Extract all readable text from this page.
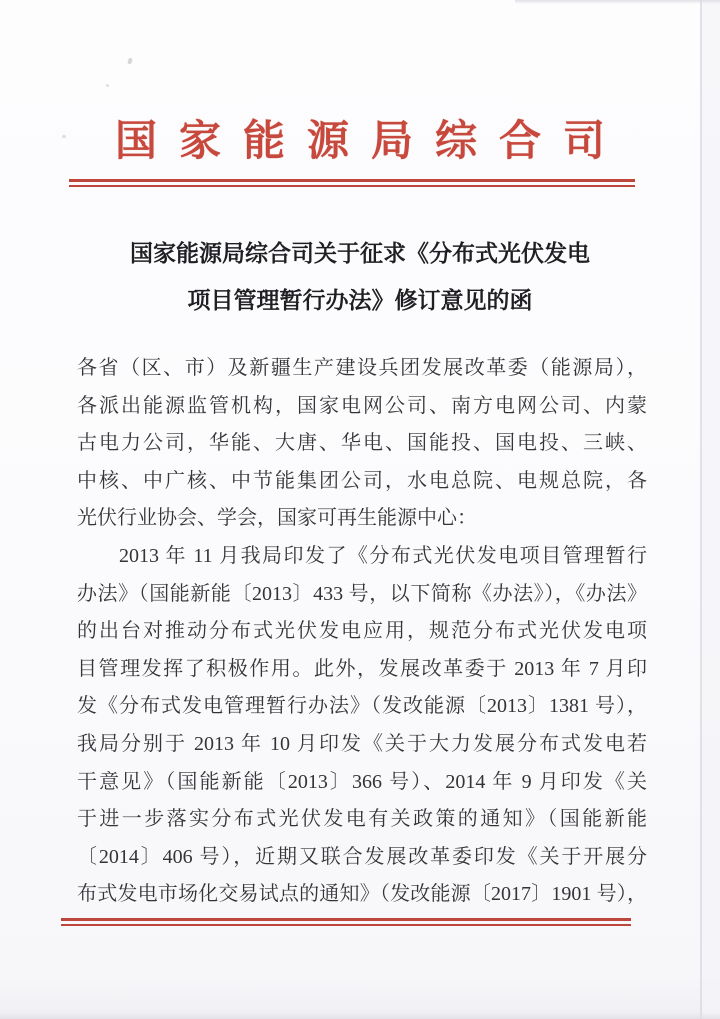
国家能源局综合司
国家能源局综合司关于征求《分布式光伏发电
项目管理暂行办法》修订意见的函
各省（区、市）及新疆生产建设兵团发展改革委（能源局），
各派出能源监管机构，国家电网公司、南方电网公司、内蒙
古电力公司，华能、大唐、华电、国能投、国电投、三峡、
中核、中广核、中节能集团公司，水电总院、电规总院，各
光伏行业协会、学会，国家可再生能源中心：
2013 年 11 月我局印发了《分布式光伏发电项目管理暂行
办法》（国能新能〔2013〕433 号，以下简称《办法》），《办法》
的出台对推动分布式光伏发电应用，规范分布式光伏发电项
目管理发挥了积极作用。此外，发展改革委于 2013 年 7 月印
发《分布式发电管理暂行办法》（发改能源〔2013〕1381 号），
我局分别于 2013 年 10 月印发《关于大力发展分布式发电若
干意见》（国能新能〔2013〕366 号）、2014 年 9 月印发《关
于进一步落实分布式光伏发电有关政策的通知》（国能新能
〔2014〕406 号），近期又联合发展改革委印发《关于开展分
布式发电市场化交易试点的通知》（发改能源〔2017〕1901 号），
